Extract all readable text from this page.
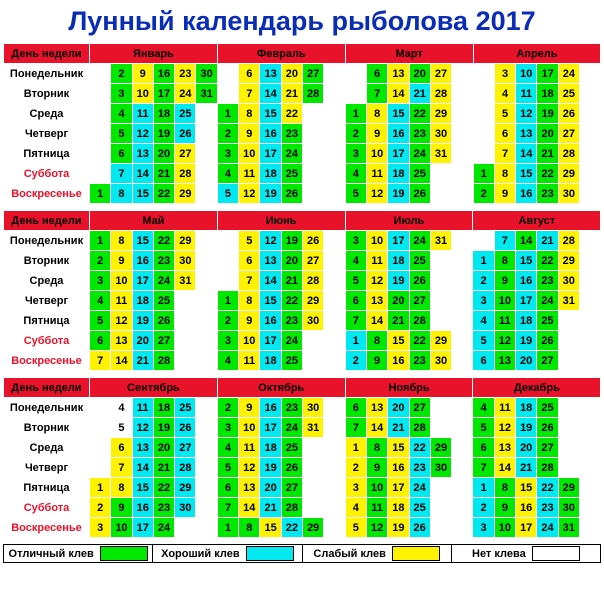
Лунный календарь рыболова 2017
День недели	Январь						Февраль						Март						Апрель					
Понедельник		2	9	16	23	30		6	13	20	27			6	13	20	27			3	10	17	24	
Вторник		3	10	17	24	31		7	14	21	28			7	14	21	28			4	11	18	25	
Среда		4	11	18	25		1	8	15	22			1	8	15	22	29			5	12	19	26	
Четверг		5	12	19	26		2	9	16	23			2	9	16	23	30			6	13	20	27	
Пятница		6	13	20	27		3	10	17	24			3	10	17	24	31			7	14	21	28	
Суббота		7	14	21	28		4	11	18	25			4	11	18	25			1	8	15	22	29	
Воскресенье	1	8	15	22	29		5	12	19	26			5	12	19	26			2	9	16	23	30	
День недели	Май						Июнь						Июль						Август					
Понедельник	1	8	15	22	29			5	12	19	26		3	10	17	24	31			7	14	21	28	
Вторник	2	9	16	23	30			6	13	20	27		4	11	18	25			1	8	15	22	29	
Среда	3	10	17	24	31			7	14	21	28		5	12	19	26			2	9	16	23	30	
Четверг	4	11	18	25			1	8	15	22	29		6	13	20	27			3	10	17	24	31	
Пятница	5	12	19	26			2	9	16	23	30		7	14	21	28			4	11	18	25		
Суббота	6	13	20	27			3	10	17	24			1	8	15	22	29		5	12	19	26		
Воскресенье	7	14	21	28			4	11	18	25			2	9	16	23	30		6	13	20	27		
День недели	Сентябрь						Октябрь						Ноябрь						Декабрь					
Понедельник		4	11	18	25		2	9	16	23	30		6	13	20	27			4	11	18	25		
Вторник		5	12	19	26		3	10	17	24	31		7	14	21	28			5	12	19	26		
Среда		6	13	20	27		4	11	18	25			1	8	15	22	29		6	13	20	27		
Четверг		7	14	21	28		5	12	19	26			2	9	16	23	30		7	14	21	28		
Пятница	1	8	15	22	29		6	13	20	27			3	10	17	24			1	8	15	22	29	
Суббота	2	9	16	23	30		7	14	21	28			4	11	18	25			2	9	16	23	30	
Воскресенье	3	10	17	24			1	8	15	22	29		5	12	19	26			3	10	17	24	31	
Отличный клев	Хороший клев	Слабый клев	Нет клева
